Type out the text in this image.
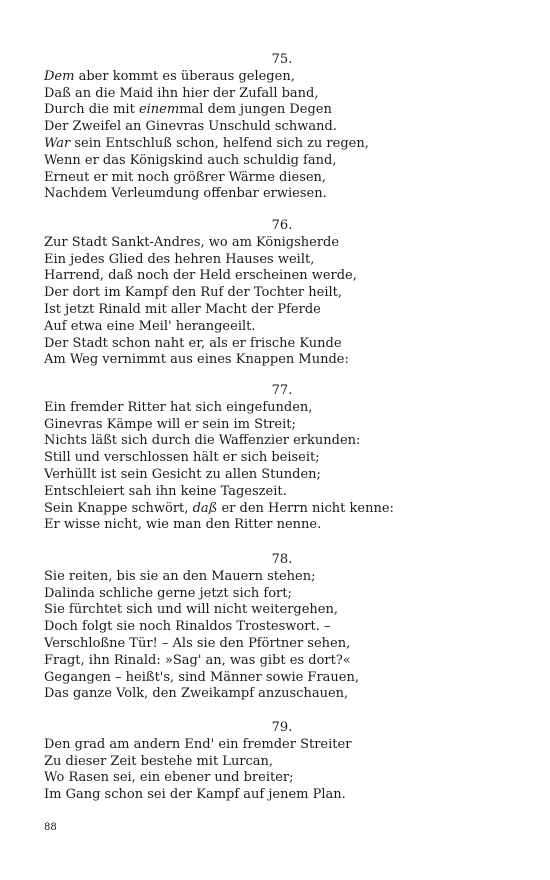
88
75.
Dem aber kommt es überaus gelegen,
Daß an die Maid ihn hier der Zufall band,
Durch die mit einemmal dem jungen Degen
Der Zweifel an Ginevras Unschuld schwand.
War sein Entschluß schon, helfend sich zu regen,
Wenn er das Königskind auch schuldig fand,
Erneut er mit noch größrer Wärme diesen,
Nachdem Verleumdung offenbar erwiesen.
76.
Zur Stadt Sankt-Andres, wo am Königsherde
Ein jedes Glied des hehren Hauses weilt,
Harrend, daß noch der Held erscheinen werde,
Der dort im Kampf den Ruf der Tochter heilt,
Ist jetzt Rinald mit aller Macht der Pferde
Auf etwa eine Meil' herangeeilt.
Der Stadt schon naht er, als er frische Kunde
Am Weg vernimmt aus eines Knappen Munde:
77.
Ein fremder Ritter hat sich eingefunden,
Ginevras Kämpe will er sein im Streit;
Nichts läßt sich durch die Waffenzier erkunden:
Still und verschlossen hält er sich beiseit;
Verhüllt ist sein Gesicht zu allen Stunden;
Entschleiert sah ihn keine Tageszeit.
Sein Knappe schwört, daß er den Herrn nicht kenne:
Er wisse nicht, wie man den Ritter nenne.
78.
Sie reiten, bis sie an den Mauern stehen;
Dalinda schliche gerne jetzt sich fort;
Sie fürchtet sich und will nicht weitergehen,
Doch folgt sie noch Rinaldos Trosteswort. –
Verschloßne Tür! – Als sie den Pförtner sehen,
Fragt, ihn Rinald: »Sag' an, was gibt es dort?«
Gegangen – heißt's, sind Männer sowie Frauen,
Das ganze Volk, den Zweikampf anzuschauen,
79.
Den grad am andern End' ein fremder Streiter
Zu dieser Zeit bestehe mit Lurcan,
Wo Rasen sei, ein ebener und breiter;
Im Gang schon sei der Kampf auf jenem Plan.
